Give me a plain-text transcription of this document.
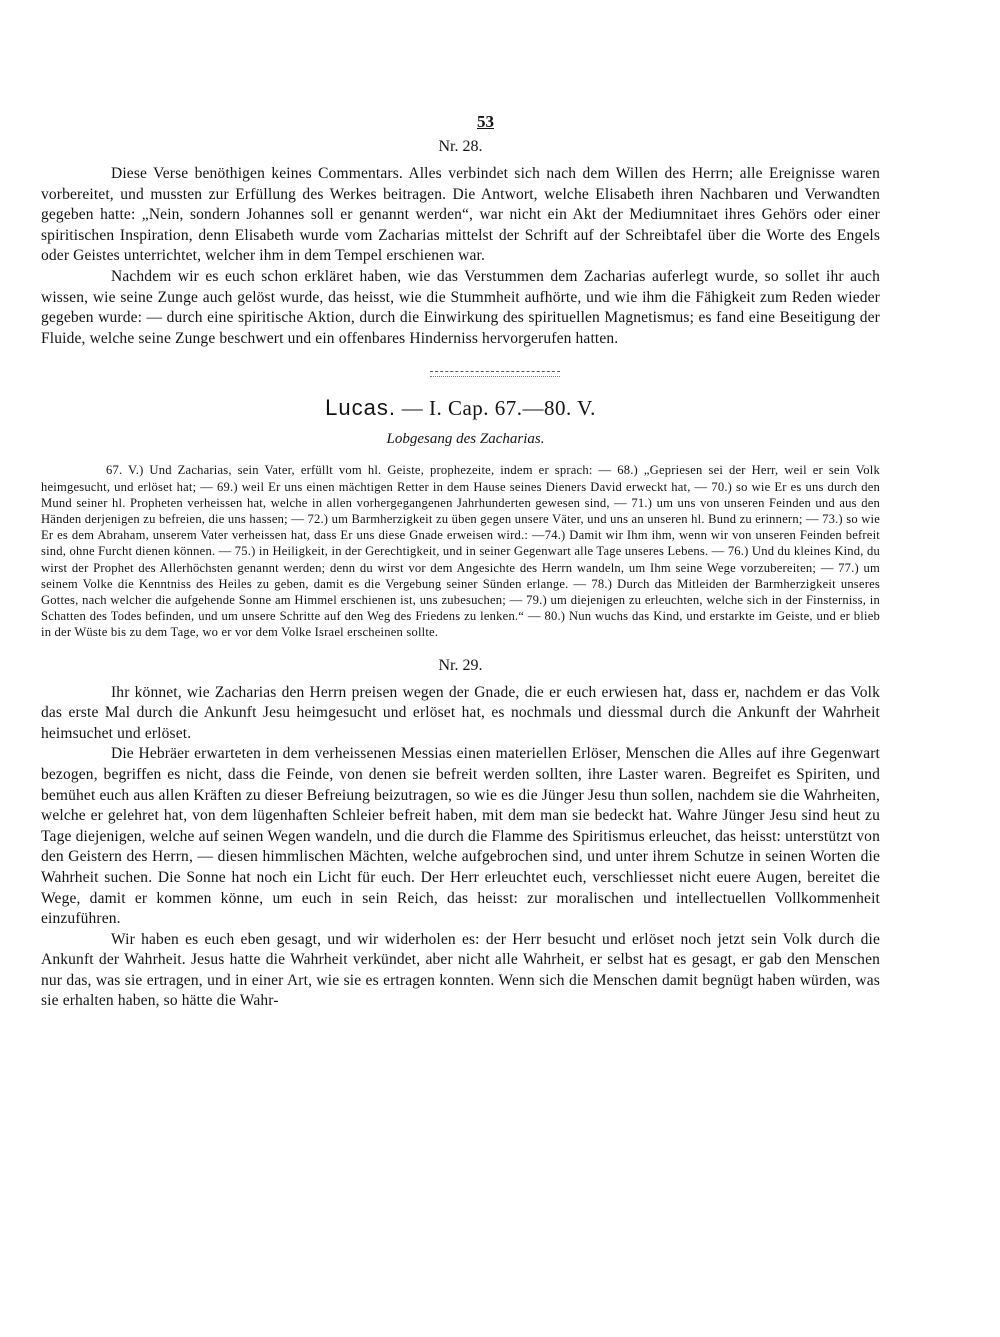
53
Nr. 28.

Diese Verse benöthigen keines Commentars. Alles verbindet sich nach dem Willen des Herrn; alle Ereignisse waren vorbereitet, und mussten zur Erfüllung des Werkes beitragen. Die Antwort, welche Elisabeth ihren Nachbaren und Verwandten gegeben hatte: „Nein, sondern Johannes soll er genannt werden“, war nicht ein Akt der Mediumnitaet ihres Gehörs oder einer spiritischen Inspiration, denn Elisabeth wurde vom Zacharias mittelst der Schrift auf der Schreibtafel über die Worte des Engels oder Geistes unterrichtet, welcher ihm in dem Tempel erschienen war.

Nachdem wir es euch schon erkläret haben, wie das Verstummen dem Zacharias auferlegt wurde, so sollet ihr auch wissen, wie seine Zunge auch gelöst wurde, das heisst, wie die Stummheit aufhörte, und wie ihm die Fähigkeit zum Reden wieder gegeben wurde: — durch eine spiritische Aktion, durch die Einwirkung des spirituellen Magnetismus; es fand eine Beseitigung der Fluide, welche seine Zunge beschwert und ein offenbares Hinderniss hervorgerufen hatten.

Lucas. — I. Cap. 67.—80. V.
Lobgesang des Zacharias.

67. V.) Und Zacharias, sein Vater, erfüllt vom hl. Geiste, prophezeite, indem er sprach: — 68.) „Gepriesen sei der Herr, weil er sein Volk heimgesucht, und erlöset hat; — 69.) weil Er uns einen mächtigen Retter in dem Hause seines Dieners David erweckt hat, — 70.) so wie Er es uns durch den Mund seiner hl. Propheten verheissen hat, welche in allen vorhergegangenen Jahrhunderten gewesen sind, — 71.) um uns von unseren Feinden und aus den Händen derjenigen zu befreien, die uns hassen; — 72.) um Barmherzigkeit zu üben gegen unsere Väter, und uns an unseren hl. Bund zu erinnern; — 73.) so wie Er es dem Abraham, unserem Vater verheissen hat, dass Er uns diese Gnade erweisen wird.: —74.) Damit wir Ihm ihm, wenn wir von unseren Feinden befreit sind, ohne Furcht dienen können. — 75.) in Heiligkeit, in der Gerechtigkeit, und in seiner Gegenwart alle Tage unseres Lebens. — 76.) Und du kleines Kind, du wirst der Prophet des Allerhöchsten genannt werden; denn du wirst vor dem Angesichte des Herrn wandeln, um Ihm seine Wege vorzubereiten; — 77.) um seinem Volke die Kenntniss des Heiles zu geben, damit es die Vergebung seiner Sünden erlange. — 78.) Durch das Mitleiden der Barmherzigkeit unseres Gottes, nach welcher die aufgehende Sonne am Himmel erschienen ist, uns zubesuchen; — 79.) um diejenigen zu erleuchten, welche sich in der Finsterniss, in Schatten des Todes befinden, und um unsere Schritte auf den Weg des Friedens zu lenken.“ — 80.) Nun wuchs das Kind, und erstarkte im Geiste, und er blieb in der Wüste bis zu dem Tage, wo er vor dem Volke Israel erscheinen sollte.

Nr. 29.

Ihr könnet, wie Zacharias den Herrn preisen wegen der Gnade, die er euch erwiesen hat, dass er, nachdem er das Volk das erste Mal durch die Ankunft Jesu heimgesucht und erlöset hat, es nochmals und diessmal durch die Ankunft der Wahrheit heimsuchet und erlöset.

Die Hebräer erwarteten in dem verheissenen Messias einen materiellen Erlöser, Menschen die Alles auf ihre Gegenwart bezogen, begriffen es nicht, dass die Feinde, von denen sie befreit werden sollten, ihre Laster waren. Begreifet es Spiriten, und bemühet euch aus allen Kräften zu dieser Befreiung beizutragen, so wie es die Jünger Jesu thun sollen, nachdem sie die Wahrheiten, welche er gelehret hat, von dem lügenhaften Schleier befreit haben, mit dem man sie bedeckt hat. Wahre Jünger Jesu sind heut zu Tage diejenigen, welche auf seinen Wegen wandeln, und die durch die Flamme des Spiritismus erleuchet, das heisst: unterstützt von den Geistern des Herrn, — diesen himmlischen Mächten, welche aufgebrochen sind, und unter ihrem Schutze in seinen Worten die Wahrheit suchen. Die Sonne hat noch ein Licht für euch. Der Herr erleuchtet euch, verschliesset nicht euere Augen, bereitet die Wege, damit er kommen könne, um euch in sein Reich, das heisst: zur moralischen und intellectuellen Vollkommenheit einzuführen.

Wir haben es euch eben gesagt, und wir widerholen es: der Herr besucht und erlöset noch jetzt sein Volk durch die Ankunft der Wahrheit. Jesus hatte die Wahrheit verkündet, aber nicht alle Wahrheit, er selbst hat es gesagt, er gab den Menschen nur das, was sie ertragen, und in einer Art, wie sie es ertragen konnten. Wenn sich die Menschen damit begnügt haben würden, was sie erhalten haben, so hätte die Wahr-
